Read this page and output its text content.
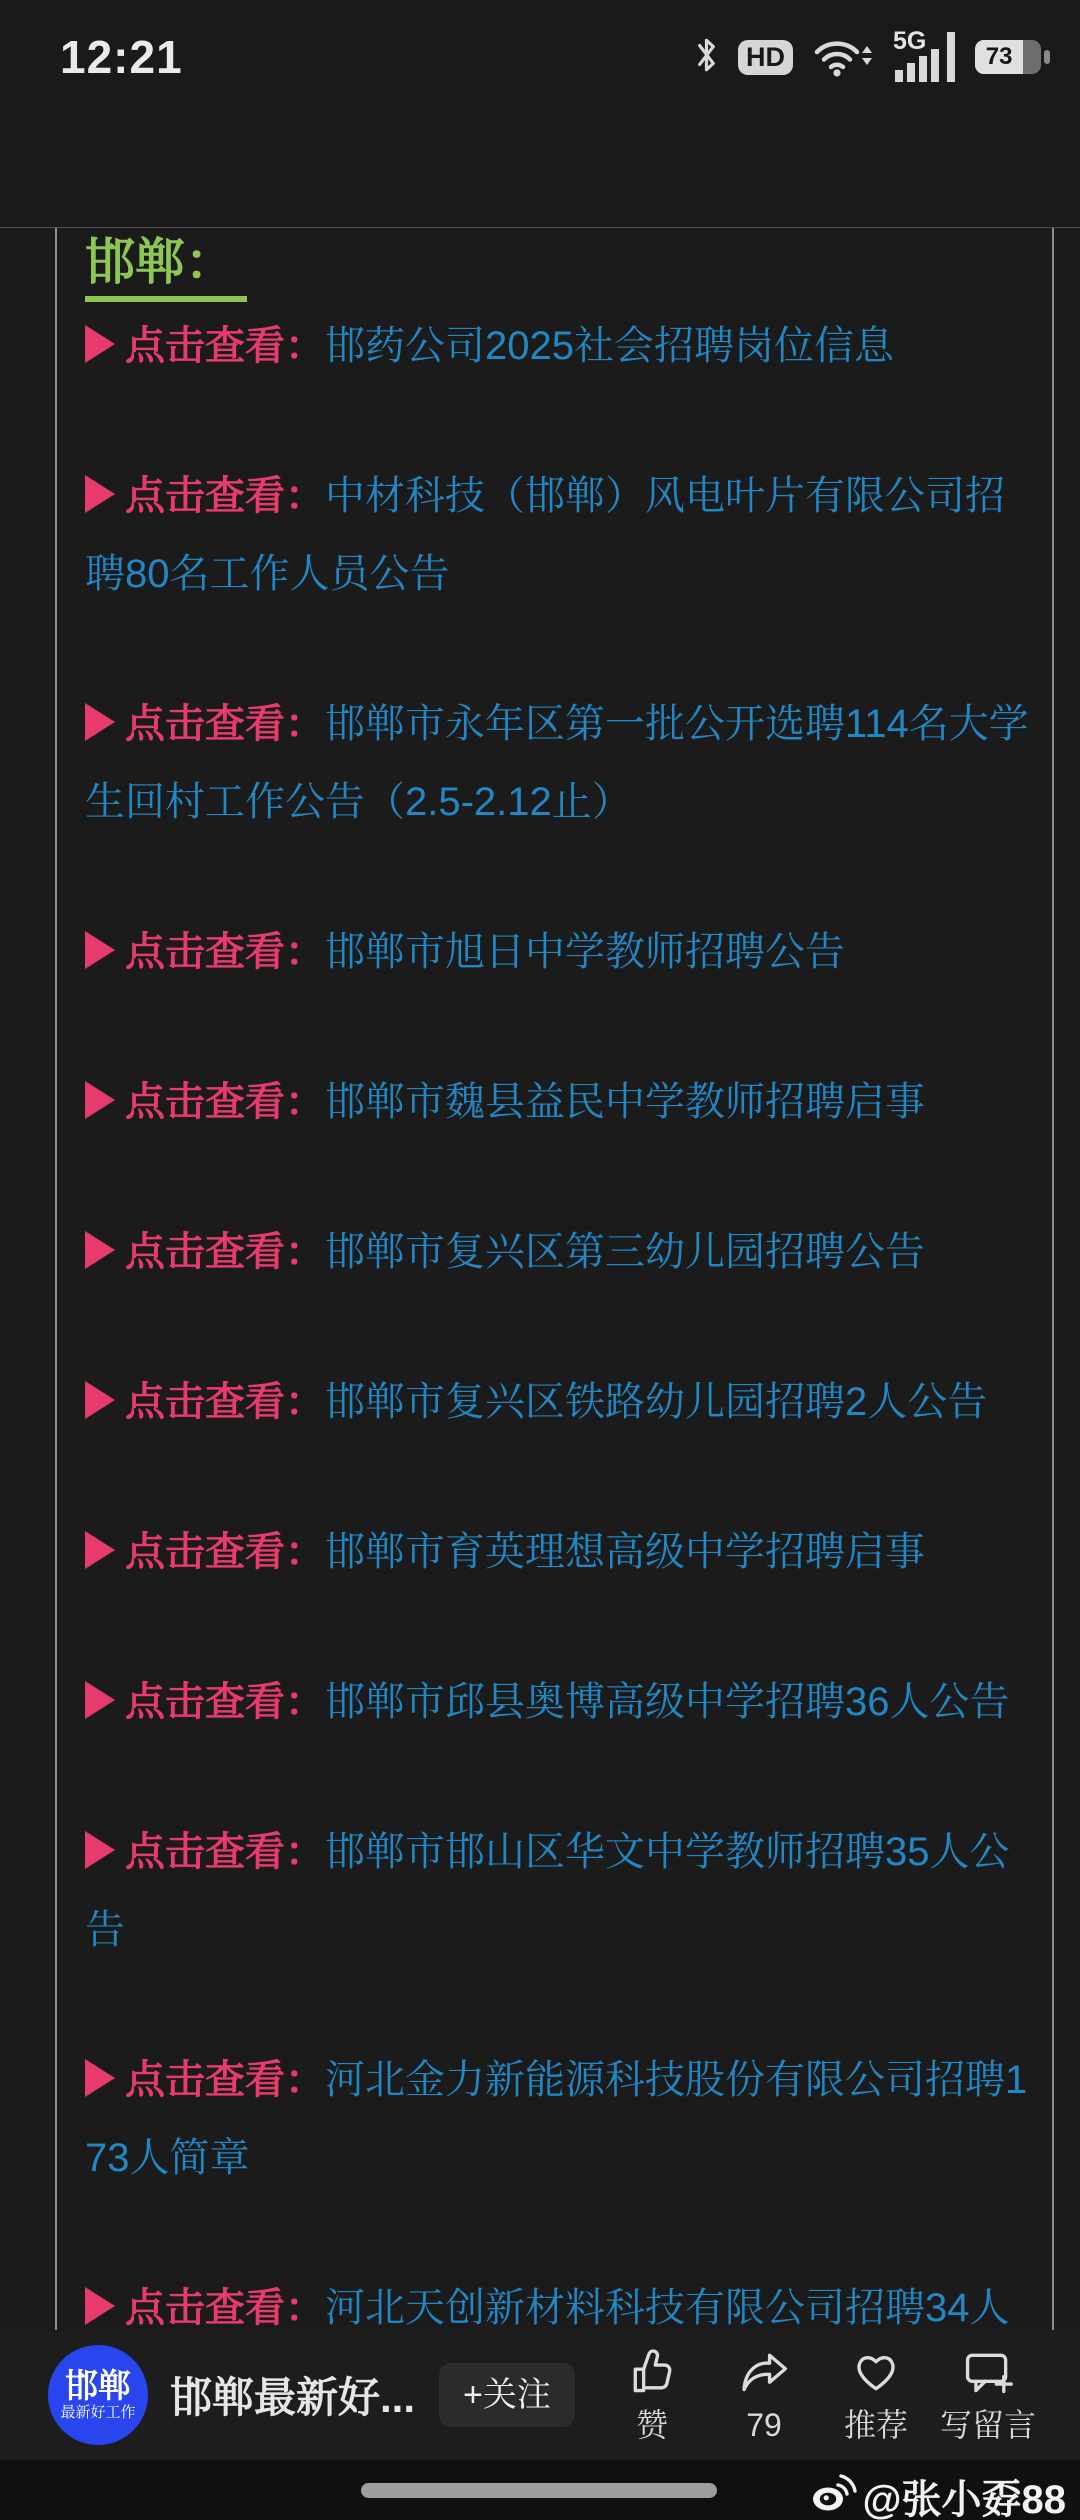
12:21	HD
5G
73
邯郸：

点击查看：邯药公司2025社会招聘岗位信息

点击查看：中材科技（邯郸）风电叶片有限公司招聘80名工作人员公告

点击查看：邯郸市永年区第一批公开选聘114名大学生回村工作公告（2.5-2.12止）

点击查看：邯郸市旭日中学教师招聘公告

点击查看：邯郸市魏县益民中学教师招聘启事

点击查看：邯郸市复兴区第三幼儿园招聘公告

点击查看：邯郸市复兴区铁路幼儿园招聘2人公告

点击查看：邯郸市育英理想高级中学招聘启事

点击查看：邯郸市邱县奥博高级中学招聘36人公告

点击查看：邯郸市邯山区华文中学教师招聘35人公告

点击查看：河北金力新能源科技股份有限公司招聘173人简章

点击查看：河北天创新材料科技有限公司招聘34人

邯郸
最新好工作 邯郸最新好...	+关注
赞 79 推荐 写留言
@张小孬88
